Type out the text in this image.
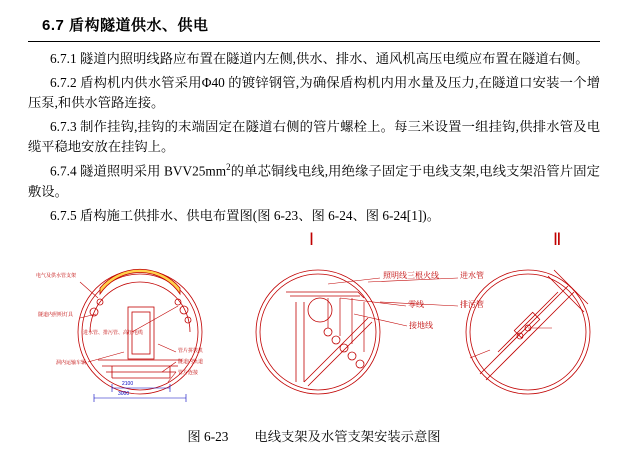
6.7 盾构隧道供水、供电

6.7.1 隧道内照明线路应布置在隧道内左侧,供水、排水、通风机高压电缆应布置在隧道右侧。

6.7.2 盾构机内供水管采用Φ40 的镀锌钢管,为确保盾构机内用水量及压力,在隧道口安装一个增压泵,和供水管路连接。

6.7.3 制作挂钩,挂钩的末端固定在隧道右侧的管片螺栓上。每三米设置一组挂钩,供排水管及电缆平稳地安放在挂钩上。

6.7.4 隧道照明采用 $BVV25mm^2$的单芯铜线电线,用绝缘子固定于电线支架,电线支架沿管片固定敷设。

6.7.5 盾构施工供排水、供电布置图(图 6-23、图 6-24、图 6-24[1])。

Ⅰ	Ⅱ
照明线三根火线
零线
接地线
进水管
排污管
电气及供水管支架
隧道内照明灯具
进水管、排污管、高压电缆
洞内运输车辆
管片拼装机
隧道内轨道
管片连接
2100
3000
图 6-23 电线支架及水管支架安装示意图
